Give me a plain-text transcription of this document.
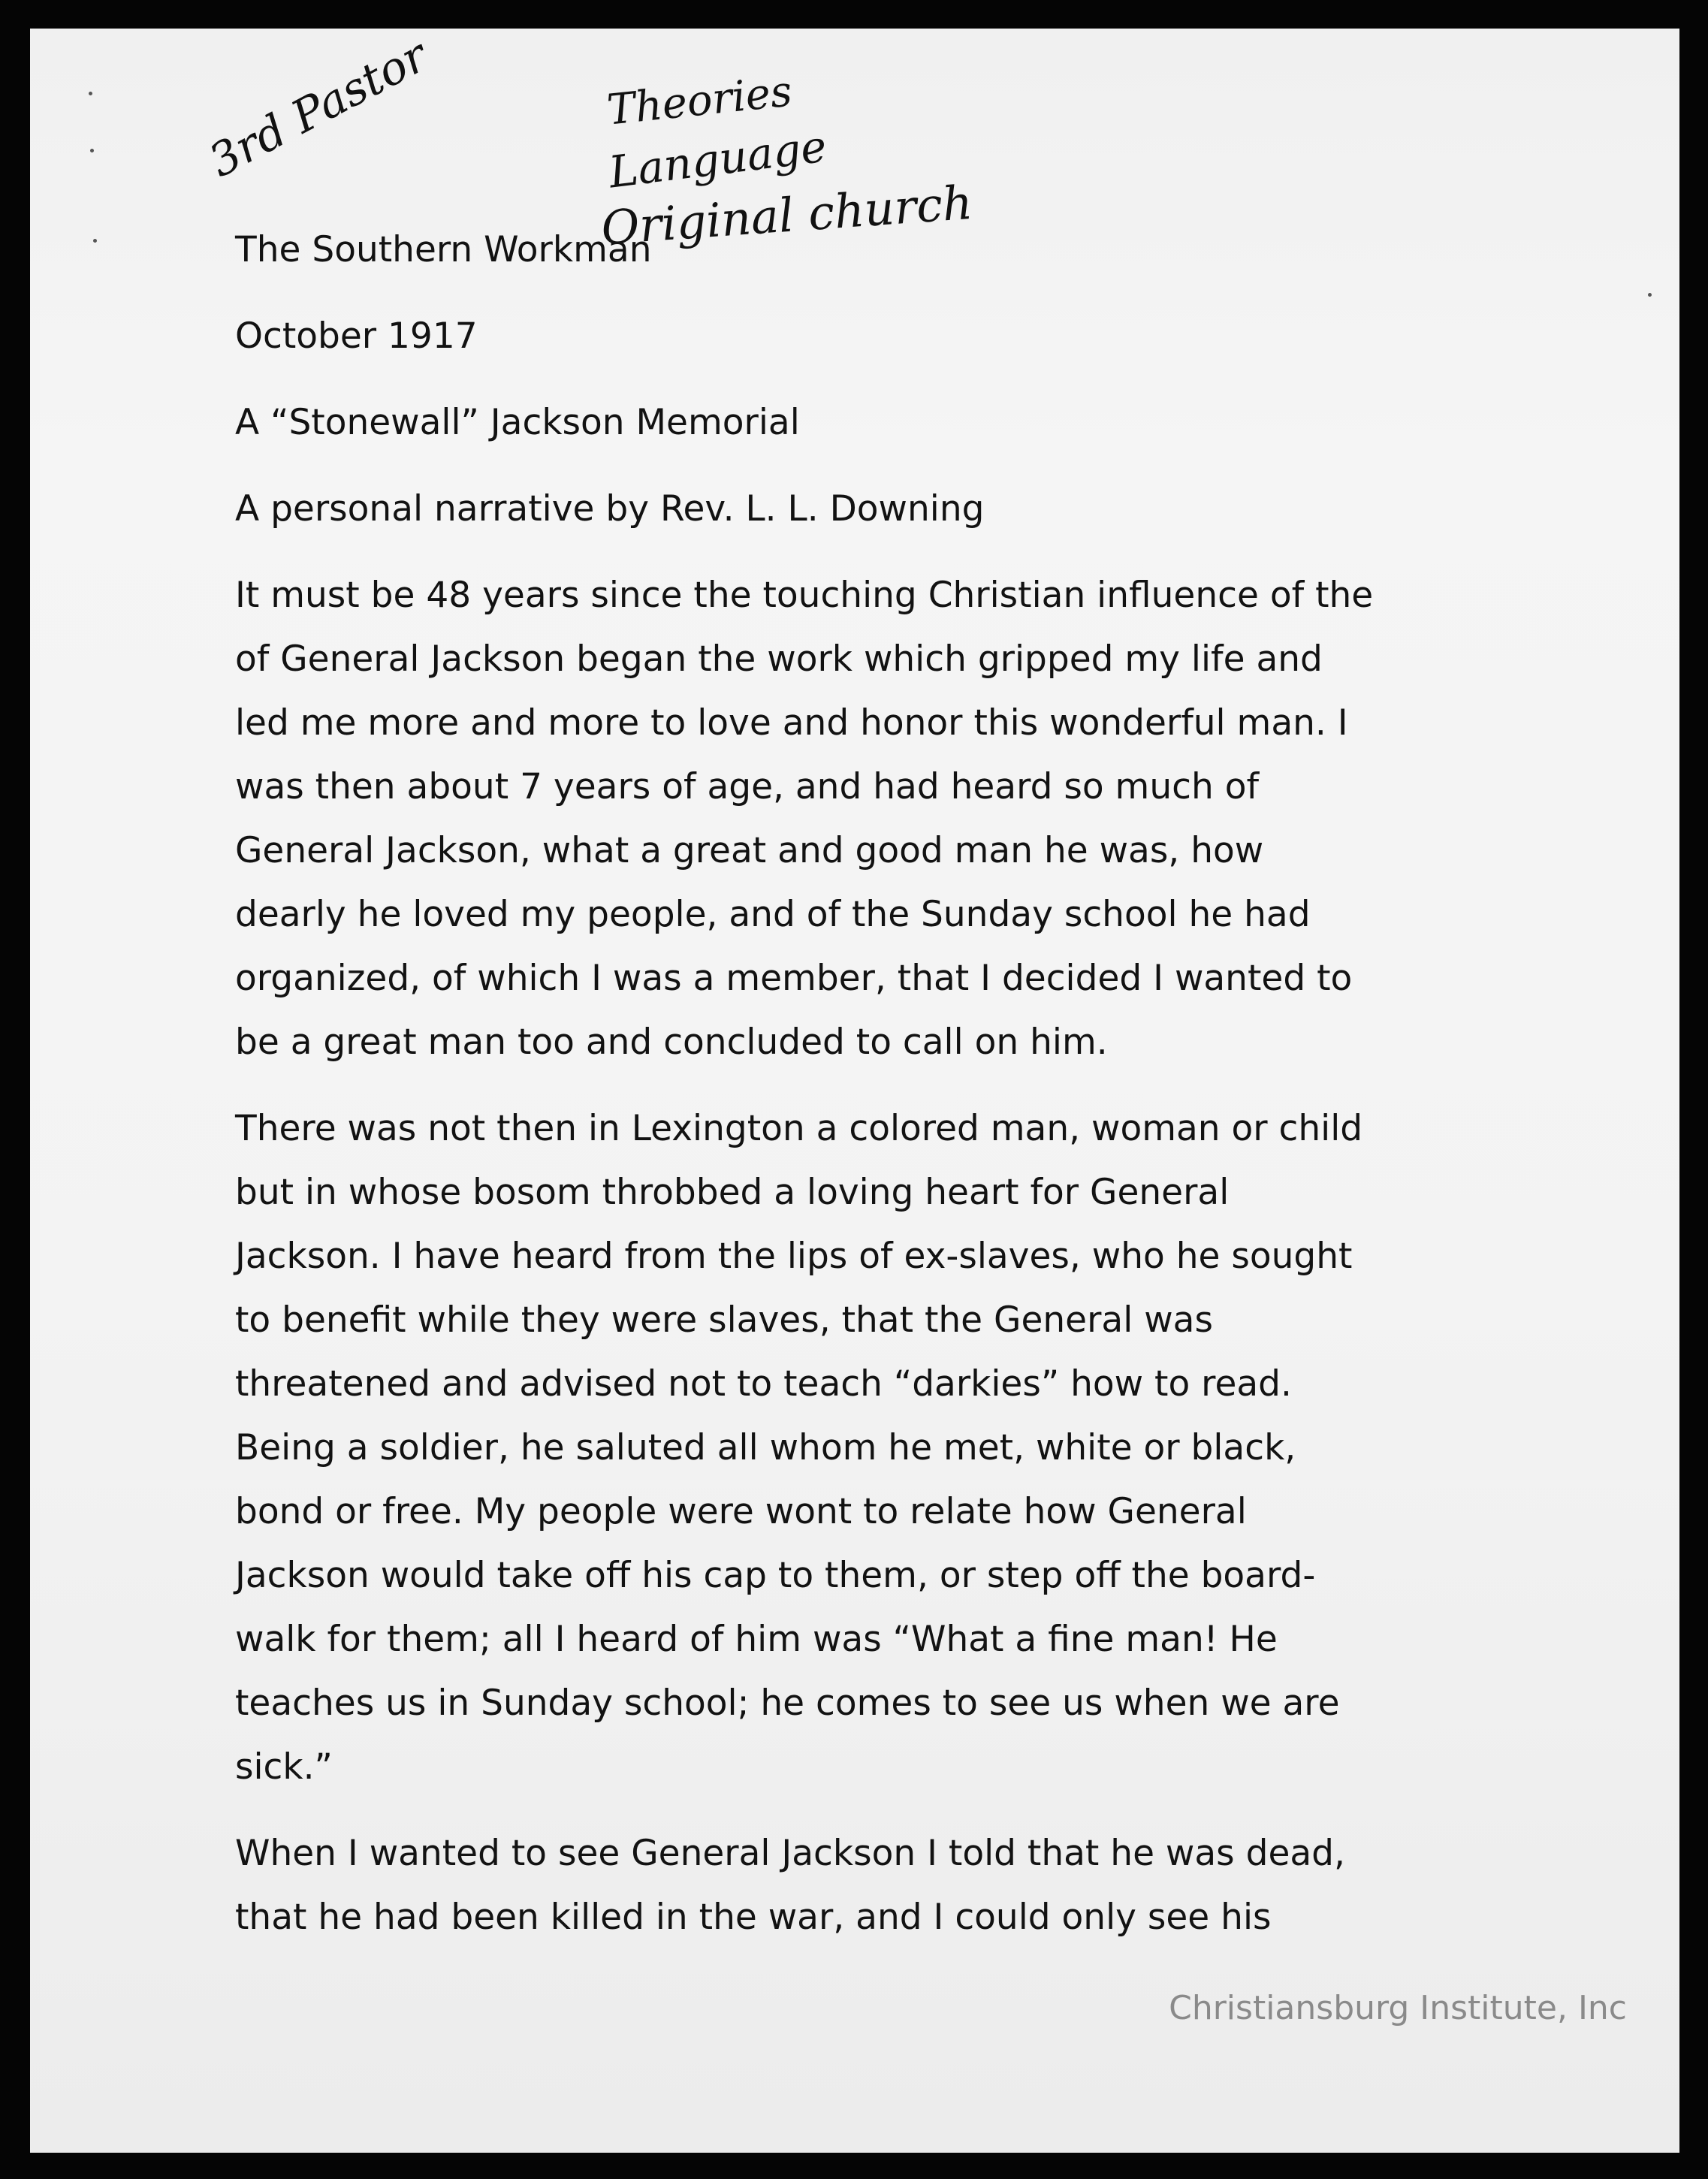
3rd Pastor	Theories
Language
Original church
The Southern Workman
October 1917
A “Stonewall” Jackson Memorial
A personal narrative by Rev. L. L. Downing
It must be 48 years since the touching Christian influence of the
of General Jackson began the work which gripped my life and
led me more and more to love and honor this wonderful man. I
was then about 7 years of age, and had heard so much of
General Jackson, what a great and good man he was, how
dearly he loved my people, and of the Sunday school he had
organized, of which I was a member, that I decided I wanted to
be a great man too and concluded to call on him.
There was not then in Lexington a colored man, woman or child
but in whose bosom throbbed a loving heart for General
Jackson. I have heard from the lips of ex-slaves, who he sought
to benefit while they were slaves, that the General was
threatened and advised not to teach “darkies” how to read.
Being a soldier, he saluted all whom he met, white or black,
bond or free. My people were wont to relate how General
Jackson would take off his cap to them, or step off the board-
walk for them; all I heard of him was “What a fine man! He
teaches us in Sunday school; he comes to see us when we are
sick.”
When I wanted to see General Jackson I told that he was dead,
that he had been killed in the war, and I could only see his
Christiansburg Institute, Inc
